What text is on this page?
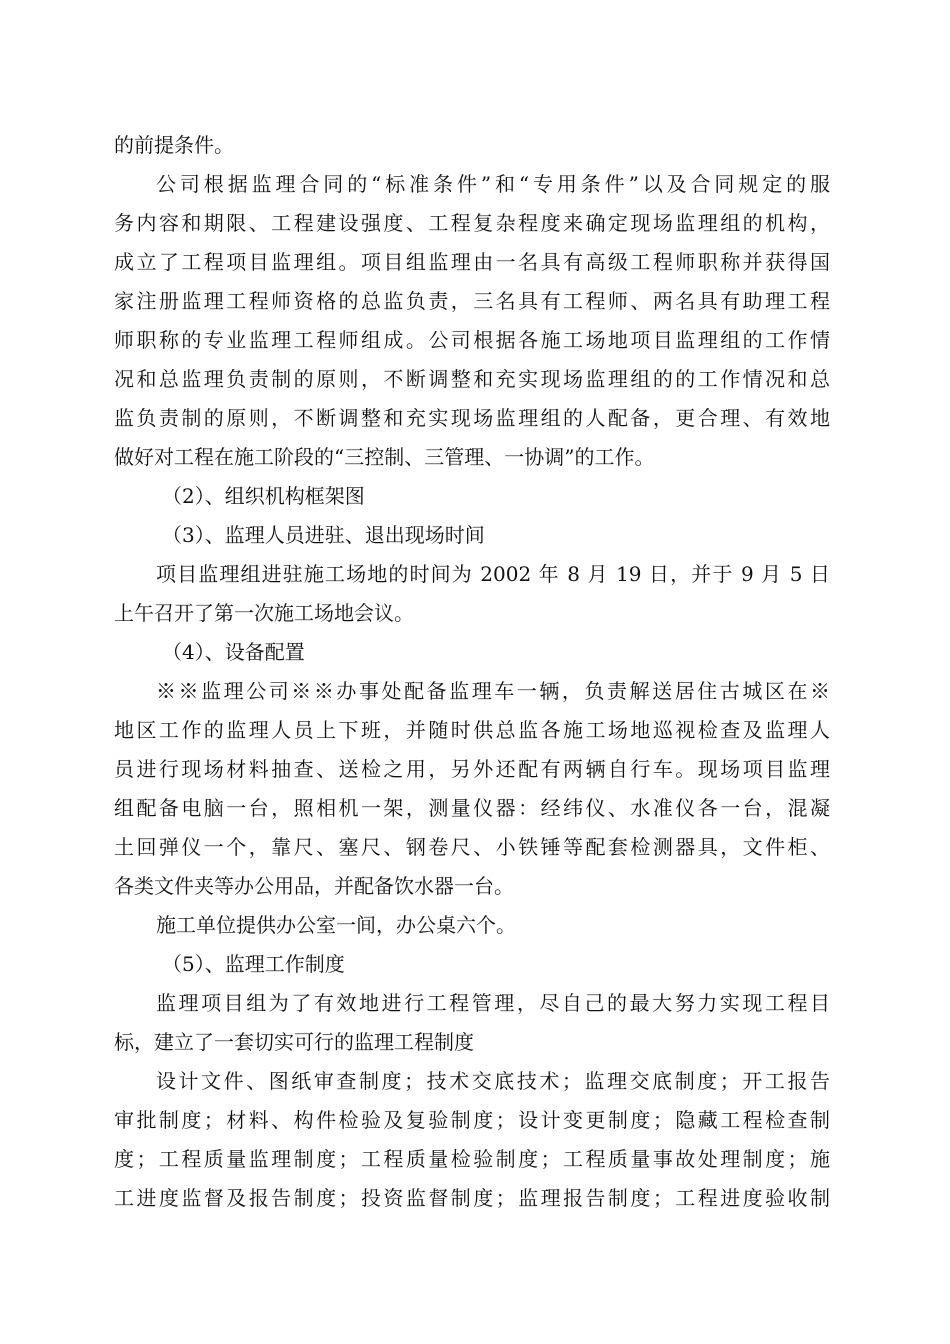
的前提条件。
公司根据监理合同的“标准条件”和“专用条件”以及合同规定的服
务内容和期限、工程建设强度、工程复杂程度来确定现场监理组的机构，
成立了工程项目监理组。项目组监理由一名具有高级工程师职称并获得国
家注册监理工程师资格的总监负责，三名具有工程师、两名具有助理工程
师职称的专业监理工程师组成。公司根据各施工场地项目监理组的工作情
况和总监理负责制的原则，不断调整和充实现场监理组的的工作情况和总
监负责制的原则，不断调整和充实现场监理组的人配备，更合理、有效地
做好对工程在施工阶段的“三控制、三管理、一协调”的工作。
（2）、组织机构框架图
（3）、监理人员进驻、退出现场时间
项目监理组进驻施工场地的时间为 2002 年 8 月 19 日，并于 9 月 5 日
上午召开了第一次施工场地会议。
（4）、设备配置
※※监理公司※※办事处配备监理车一辆，负责解送居住古城区在※
地区工作的监理人员上下班，并随时供总监各施工场地巡视检查及监理人
员进行现场材料抽查、送检之用，另外还配有两辆自行车。现场项目监理
组配备电脑一台，照相机一架，测量仪器：经纬仪、水准仪各一台，混凝
土回弹仪一个，靠尺、塞尺、钢卷尺、小铁锤等配套检测器具，文件柜、
各类文件夹等办公用品，并配备饮水器一台。
施工单位提供办公室一间，办公桌六个。
（5）、监理工作制度
监理项目组为了有效地进行工程管理，尽自己的最大努力实现工程目
标，建立了一套切实可行的监理工程制度
设计文件、图纸审查制度；技术交底技术；监理交底制度；开工报告
审批制度；材料、构件检验及复验制度；设计变更制度；隐藏工程检查制
度；工程质量监理制度；工程质量检验制度；工程质量事故处理制度；施
工进度监督及报告制度；投资监督制度；监理报告制度；工程进度验收制
